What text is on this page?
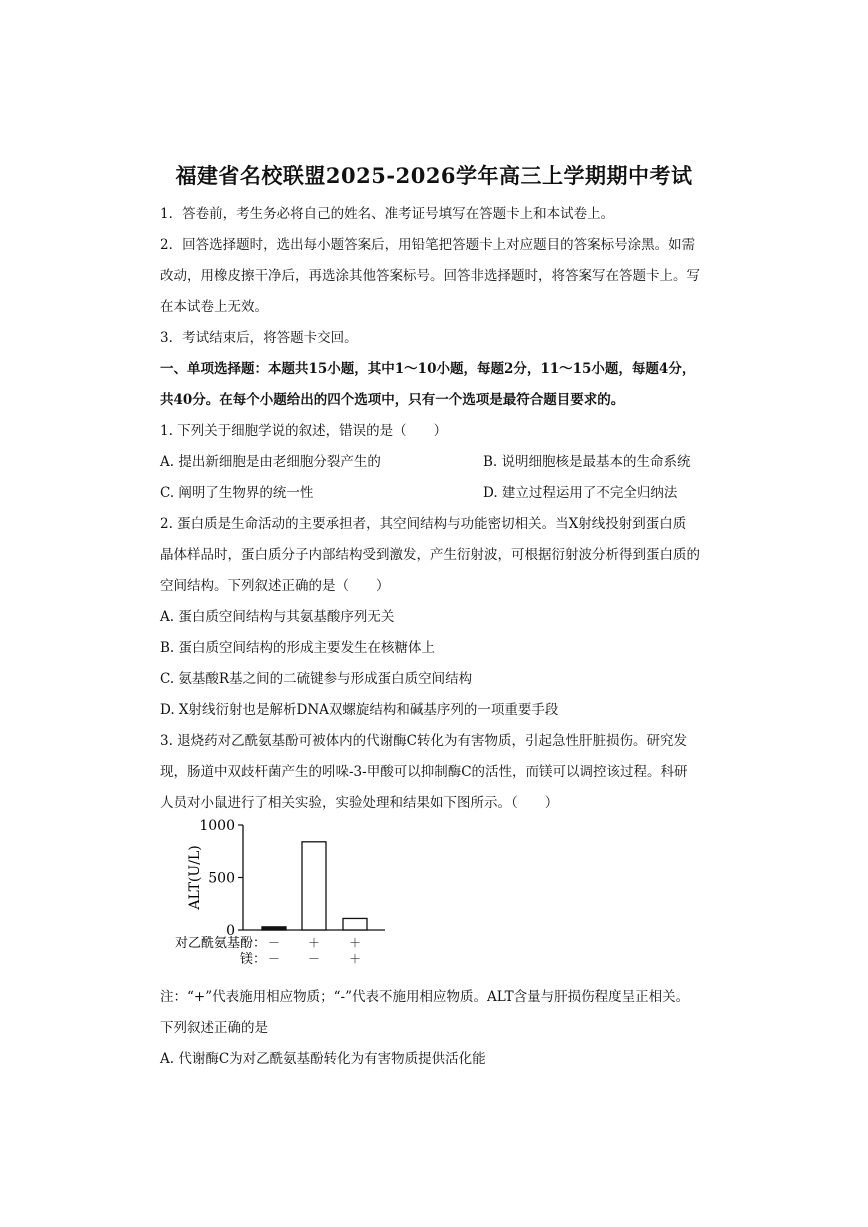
福建省名校联盟2025-2026学年高三上学期期中考试
1．答卷前，考生务必将自己的姓名、准考证号填写在答题卡上和本试卷上。
2．回答选择题时，选出每小题答案后，用铅笔把答题卡上对应题目的答案标号涂黑。如需
改动，用橡皮擦干净后，再选涂其他答案标号。回答非选择题时，将答案写在答题卡上。写
在本试卷上无效。
3．考试结束后，将答题卡交回。
一、单项选择题：本题共15小题，其中1～10小题，每题2分，11～15小题，每题4分，
共40分。在每个小题给出的四个选项中，只有一个选项是最符合题目要求的。
1. 下列关于细胞学说的叙述，错误的是（　　）
A. 提出新细胞是由老细胞分裂产生的	B. 说明细胞核是最基本的生命系统
C. 阐明了生物界的统一性	D. 建立过程运用了不完全归纳法
2. 蛋白质是生命活动的主要承担者，其空间结构与功能密切相关。当X射线投射到蛋白质
晶体样品时，蛋白质分子内部结构受到激发，产生衍射波，可根据衍射波分析得到蛋白质的
空间结构。下列叙述正确的是（　　）
A. 蛋白质空间结构与其氨基酸序列无关
B. 蛋白质空间结构的形成主要发生在核糖体上
C. 氨基酸R基之间的二硫键参与形成蛋白质空间结构
D. X射线衍射也是解析DNA双螺旋结构和碱基序列的一项重要手段
3. 退烧药对乙酰氨基酚可被体内的代谢酶C转化为有害物质，引起急性肝脏损伤。研究发
现，肠道中双歧杆菌产生的吲哚-3-甲酸可以抑制酶C的活性，而镁可以调控该过程。科研
人员对小鼠进行了相关实验，实验处理和结果如下图所示。（　　）
1000
500
0
ALT(U/L)
对乙酰氨基酚： － ＋ ＋
镁： － － ＋
注：“+”代表施用相应物质；“-”代表不施用相应物质。ALT含量与肝损伤程度呈正相关。
下列叙述正确的是
A. 代谢酶C为对乙酰氨基酚转化为有害物质提供活化能
